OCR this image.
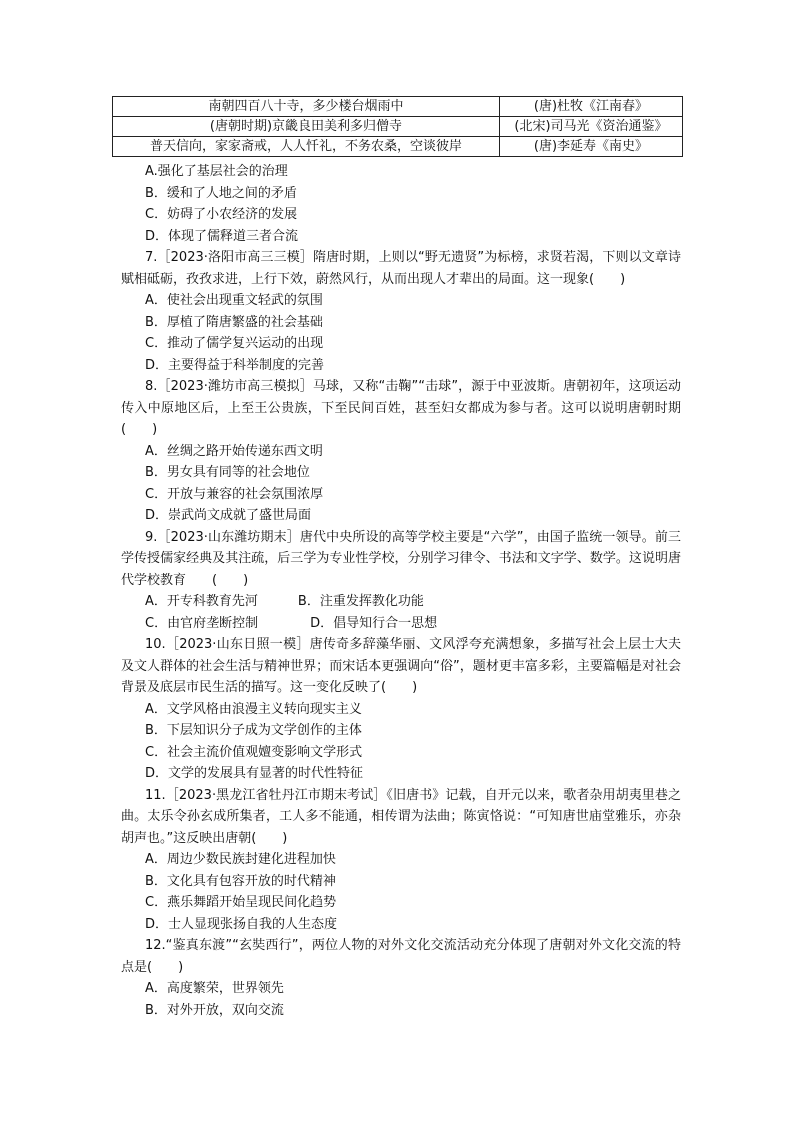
南朝四百八十寺，多少楼台烟雨中	(唐)杜牧《江南春》
(唐朝时期)京畿良田美利多归僧寺	(北宋)司马光《资治通鉴》
普天信向，家家斋戒，人人忏礼，不务农桑，空谈彼岸	(唐)李延寿《南史》
A.强化了基层社会的治理
B．缓和了人地之间的矛盾
C．妨碍了小农经济的发展
D．体现了儒释道三者合流
7.［2023·洛阳市高三三模］隋唐时期，上则以“野无遗贤”为标榜，求贤若渴，下则以文章诗赋相砥砺，孜孜求进，上行下效，蔚然风行，从而出现人才辈出的局面。这一现象(　　)
A．使社会出现重文轻武的氛围
B．厚植了隋唐繁盛的社会基础
C．推动了儒学复兴运动的出现
D．主要得益于科举制度的完善
8.［2023·潍坊市高三模拟］马球，又称“击鞠”“击球”，源于中亚波斯。唐朝初年，这项运动传入中原地区后，上至王公贵族，下至民间百姓，甚至妇女都成为参与者。这可以说明唐朝时期(　　)
A．丝绸之路开始传递东西文明
B．男女具有同等的社会地位
C．开放与兼容的社会氛围浓厚
D．崇武尚文成就了盛世局面
9.［2023·山东潍坊期末］唐代中央所设的高等学校主要是“六学”，由国子监统一领导。前三学传授儒家经典及其注疏，后三学为专业性学校，分别学习律令、书法和文字学、数学。这说明唐代学校教育　　(　　)
A．开专科教育先河	B．注重发挥教化功能
C．由官府垄断控制	D．倡导知行合一思想
10.［2023·山东日照一模］唐传奇多辞藻华丽、文风浮夸充满想象，多描写社会上层士大夫及文人群体的社会生活与精神世界；而宋话本更强调向“俗”，题材更丰富多彩，主要篇幅是对社会背景及底层市民生活的描写。这一变化反映了(　　)
A．文学风格由浪漫主义转向现实主义
B．下层知识分子成为文学创作的主体
C．社会主流价值观嬗变影响文学形式
D．文学的发展具有显著的时代性特征
11.［2023·黑龙江省牡丹江市期末考试］《旧唐书》记载，自开元以来，歌者杂用胡夷里巷之曲。太乐令孙玄成所集者，工人多不能通，相传谓为法曲；陈寅恪说：“可知唐世庙堂雅乐，亦杂胡声也。”这反映出唐朝(　　)
A．周边少数民族封建化进程加快
B．文化具有包容开放的时代精神
C．燕乐舞蹈开始呈现民间化趋势
D．士人显现张扬自我的人生态度
12.“鉴真东渡”“玄奘西行”，两位人物的对外文化交流活动充分体现了唐朝对外文化交流的特点是(　　)
A．高度繁荣，世界领先
B．对外开放，双向交流
